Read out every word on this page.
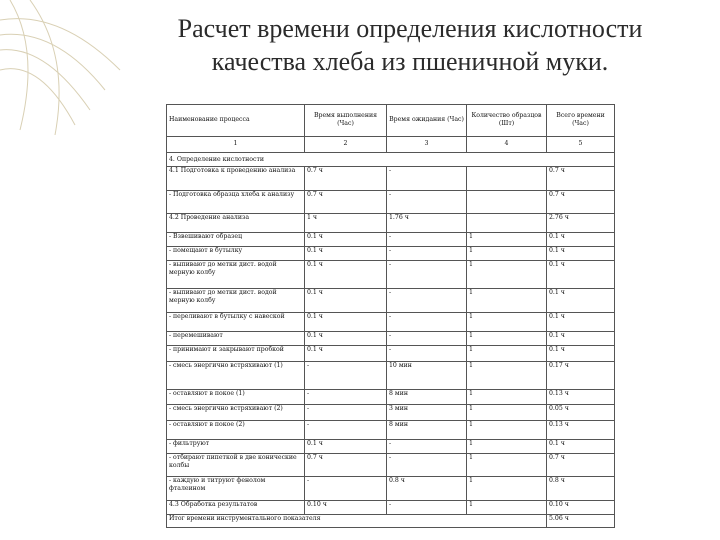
Расчет времени определения кислотности
качества хлеба из пшеничной муки.
Наименование процесса	Время выполнения (Час)	Время ожидания (Час)	Количество образцов (Шт)	Всего времени (Час)
1	2	3	4	5
4. Определение кислотности				
4.1 Подготовка к проведению анализа	0.7 ч	-		0.7 ч
- Подготовка образца хлеба к анализу	0.7 ч	-		0.7 ч
4.2 Проведение анализа	1 ч	1.76 ч		2.76 ч
- Взвешивают образец	0.1 ч	-	1	0.1 ч
- помещают в бутылку	0.1 ч	-	1	0.1 ч
- выпивают до метки дист. водой мерную колбу	0.1 ч	-	1	0.1 ч
- выпивают до метки дист. водой мерную колбу	0.1 ч	-	1	0.1 ч
- переливают в бутылку с навеской	0.1 ч	-	1	0.1 ч
- перемешивают	0.1 ч	-	1	0.1 ч
- принимают и закрывают пробкой	0.1 ч	-	1	0.1 ч
- смесь энергично встряхивают (1)	-	10 мин	1	0.17 ч
- оставляют в покое (1)	-	8 мин	1	0.13 ч
- смесь энергично встряхивают (2)	-	3 мин	1	0.05 ч
- оставляют в покое (2)	-	8 мин	1	0.13 ч
- фильтруют	0.1 ч	-	1	0.1 ч
- отбирают пипеткой в две конические колбы	0.7 ч	-	1	0.7 ч
- каждую и титруют фенолом фталеином	-	0.8 ч	1	0.8 ч
4.3 Обработка результатов	0.10 ч	-	1	0.10 ч
Итог времени инструментального показателя				5.06 ч
